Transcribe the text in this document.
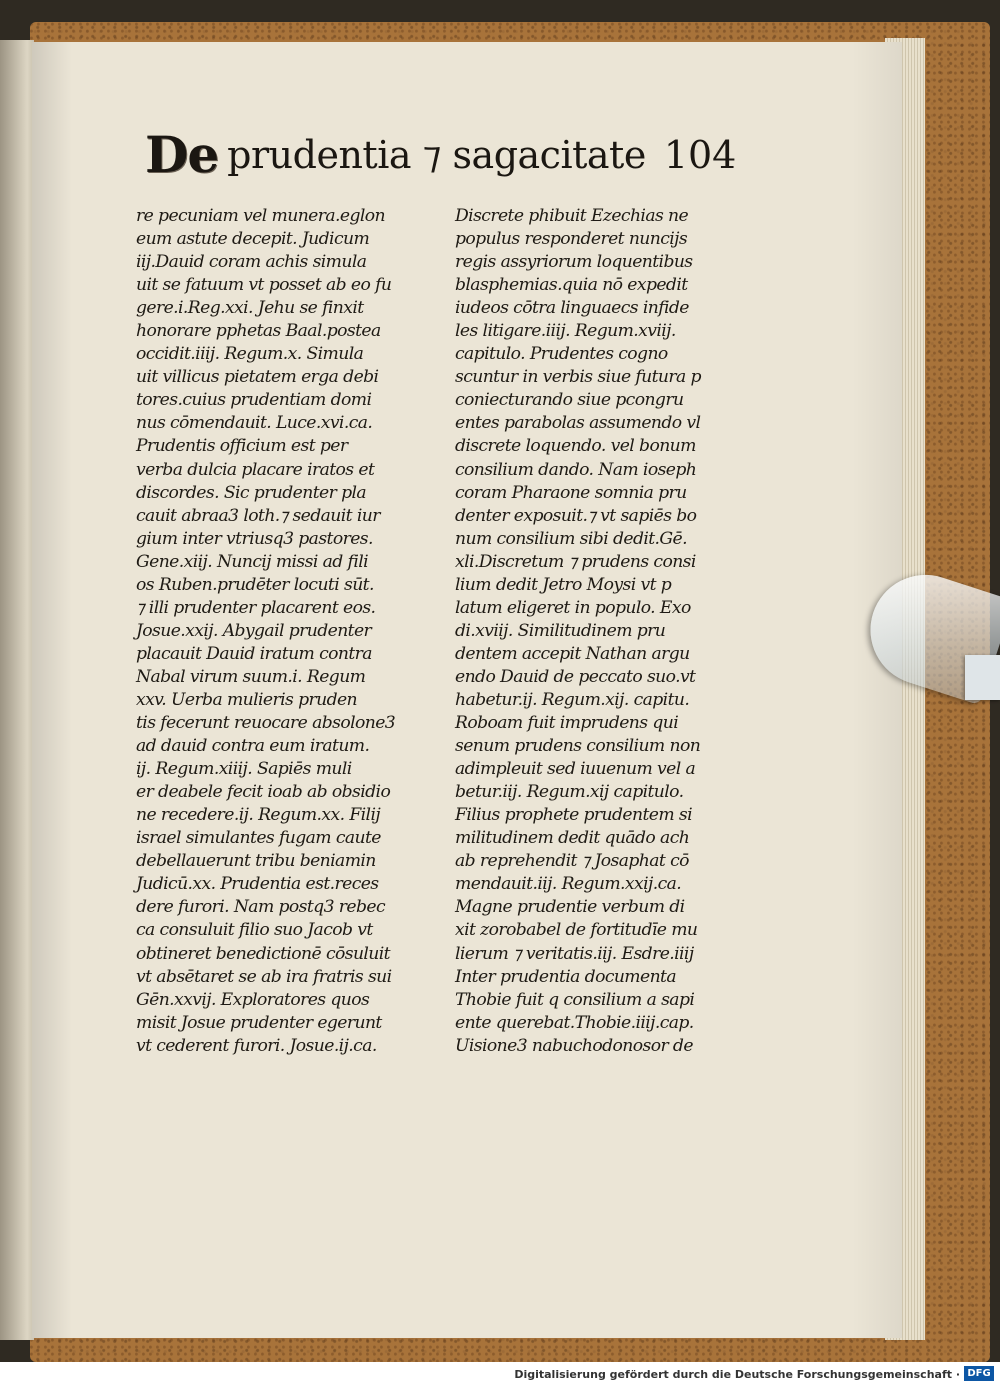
De prudentia ⁊ sagacitate 104
re pecuniam vel munera.eglon
eum astute decepit. Judicum
iij.Dauid coram achis simula
uit se fatuum vt posset ab eo fu
gere.i.Reg.xxi. Jehu se finxit
honorare pphetas Baal.postea
occidit.iiij. Regum.x. Simula
uit villicus pietatem erga debi
tores.cuius prudentiam domi
nus cōmendauit. Luce.xvi.ca.
Prudentis officium est per
verba dulcia placare iratos et
discordes. Sic prudenter pla
cauit abraa3 loth.⁊ sedauit iur
gium inter vtriusq3 pastores.
Gene.xiij. Nuncij missi ad fili
os Ruben.prudēter locuti sūt.
⁊ illi prudenter placarent eos.
Josue.xxij. Abygail prudenter
placauit Dauid iratum contra
Nabal virum suum.i. Regum
xxv. Uerba mulieris pruden
tis fecerunt reuocare absolone3
ad dauid contra eum iratum.
ij. Regum.xiiij. Sapiēs muli
er deabele fecit ioab ab obsidio
ne recedere.ij. Regum.xx. Filij
israel simulantes fugam caute
debellauerunt tribu beniamin
Judicū.xx. Prudentia est.reces
dere furori. Nam postq3 rebec
ca consuluit filio suo Jacob vt
obtineret benedictionē cōsuluit
vt absētaret se ab ira fratris sui
Gēn.xxvij. Exploratores quos
misit Josue prudenter egerunt
vt cederent furori. Josue.ij.ca.
Discrete phibuit Ezechias ne
populus responderet nuncijs
regis assyriorum loquentibus
blasphemias.quia nō expedit
iudeos cōtra linguaecs infide
les litigare.iiij. Regum.xviij.
capitulo. Prudentes cogno
scuntur in verbis siue futura p
coniecturando siue pcongru
entes parabolas assumendo vl
discrete loquendo. vel bonum
consilium dando. Nam ioseph
coram Pharaone somnia pru
denter exposuit.⁊ vt sapiēs bo
num consilium sibi dedit.Gē.
xli.Discretum ⁊ prudens consi
lium dedit Jetro Moysi vt p
latum eligeret in populo. Exo
di.xviij. Similitudinem pru
dentem accepit Nathan argu
endo Dauid de peccato suo.vt
habetur.ij. Regum.xij. capitu.
Roboam fuit imprudens qui
senum prudens consilium non
adimpleuit sed iuuenum vel a
betur.iij. Regum.xij capitulo.
Filius prophete prudentem si
militudinem dedit quādo ach
ab reprehendit ⁊ Josaphat cō
mendauit.iij. Regum.xxij.ca.
Magne prudentie verbum di
xit zorobabel de fortitudīe mu
lierum ⁊ veritatis.iij. Esdre.iiij
Inter prudentia documenta
Thobie fuit q consilium a sapi
ente querebat.Thobie.iiij.cap.
Uisione3 nabuchodonosor de
Digitalisierung gefördert durch die Deutsche Forschungsgemeinschaft · DFG
